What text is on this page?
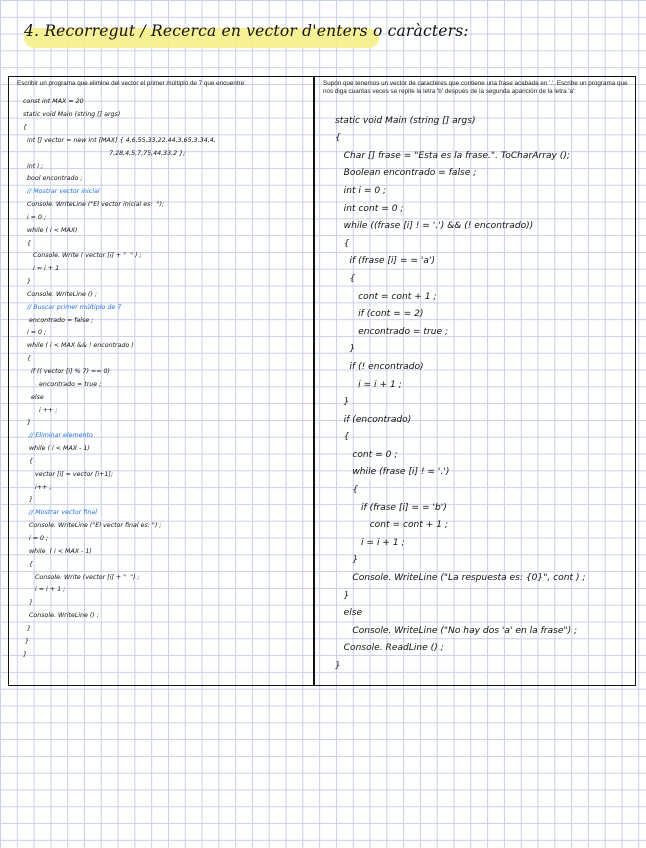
4. Recorregut / Recerca en vector d'enters o caràcters:

Escribir un programa que elimine del vector el primer múltiplo de 7 que encuentre:

const int MAX = 20
static void Main (string [] args)
{
int [] vector = new int [MAX] { 4,6,55,33,22,44,3,65,3,34,4,
7,28,4,5,7,75,44,33,2 };
int i ;
bool encontrado ;
// Mostrar vector inicial
Console. WriteLine ("El vector inicial es:  ");
i = 0 ;
while ( i < MAX)
{
Console. Write ( vector [i] + "  " ) ;
i = i + 1
}
Console. WriteLine () ;
// Buscar primer múltiplo de 7
encontrado = false ;
i = 0 ;
while ( i < MAX && ! encontrado )
{
if (( vector [i] % 7) == 0)
encontrado = true ;
else
i ++ ;
}
// Eliminar elemento
while ( i < MAX - 1)
{
vector [i] = vector [i+1];
i++ ;
}
// Mostrar vector final
Console. WriteLine ("El vector final es: ") ;
i = 0 ;
while  ( i < MAX - 1)
{
Console. Write (vector [i] + "  ") ;
i = i + 1 ;
}
Console. WriteLine () ;
}
}
}

Supón que tenemos un vector de caracteres que contiene una frase acabada en '.'. Escribe un programa que nos diga cuantas veces se repite la letra 'b' después de la segunda aparición de la letra 'a':

static void Main (string [] args)
{
Char [] frase = "Esta es la frase.". ToCharArray ();
Boolean encontrado = false ;
int i = 0 ;
int cont = 0 ;
while ((frase [i] ! = '.') && (! encontrado))
{
if (frase [i] = = 'a')
{
cont = cont + 1 ;
if (cont = = 2)
encontrado = true ;
}
if (! encontrado)
i = i + 1 ;
}
if (encontrado)
{
cont = 0 ;
while (frase [i] ! = '.')
{
if (frase [i] = = 'b')
cont = cont + 1 ;
i = i + 1 ;
}
Console. WriteLine ("La respuesta es: {0}", cont ) ;
}
else
Console. WriteLine ("No hay dos 'a' en la frase") ;
Console. ReadLine () ;
}
